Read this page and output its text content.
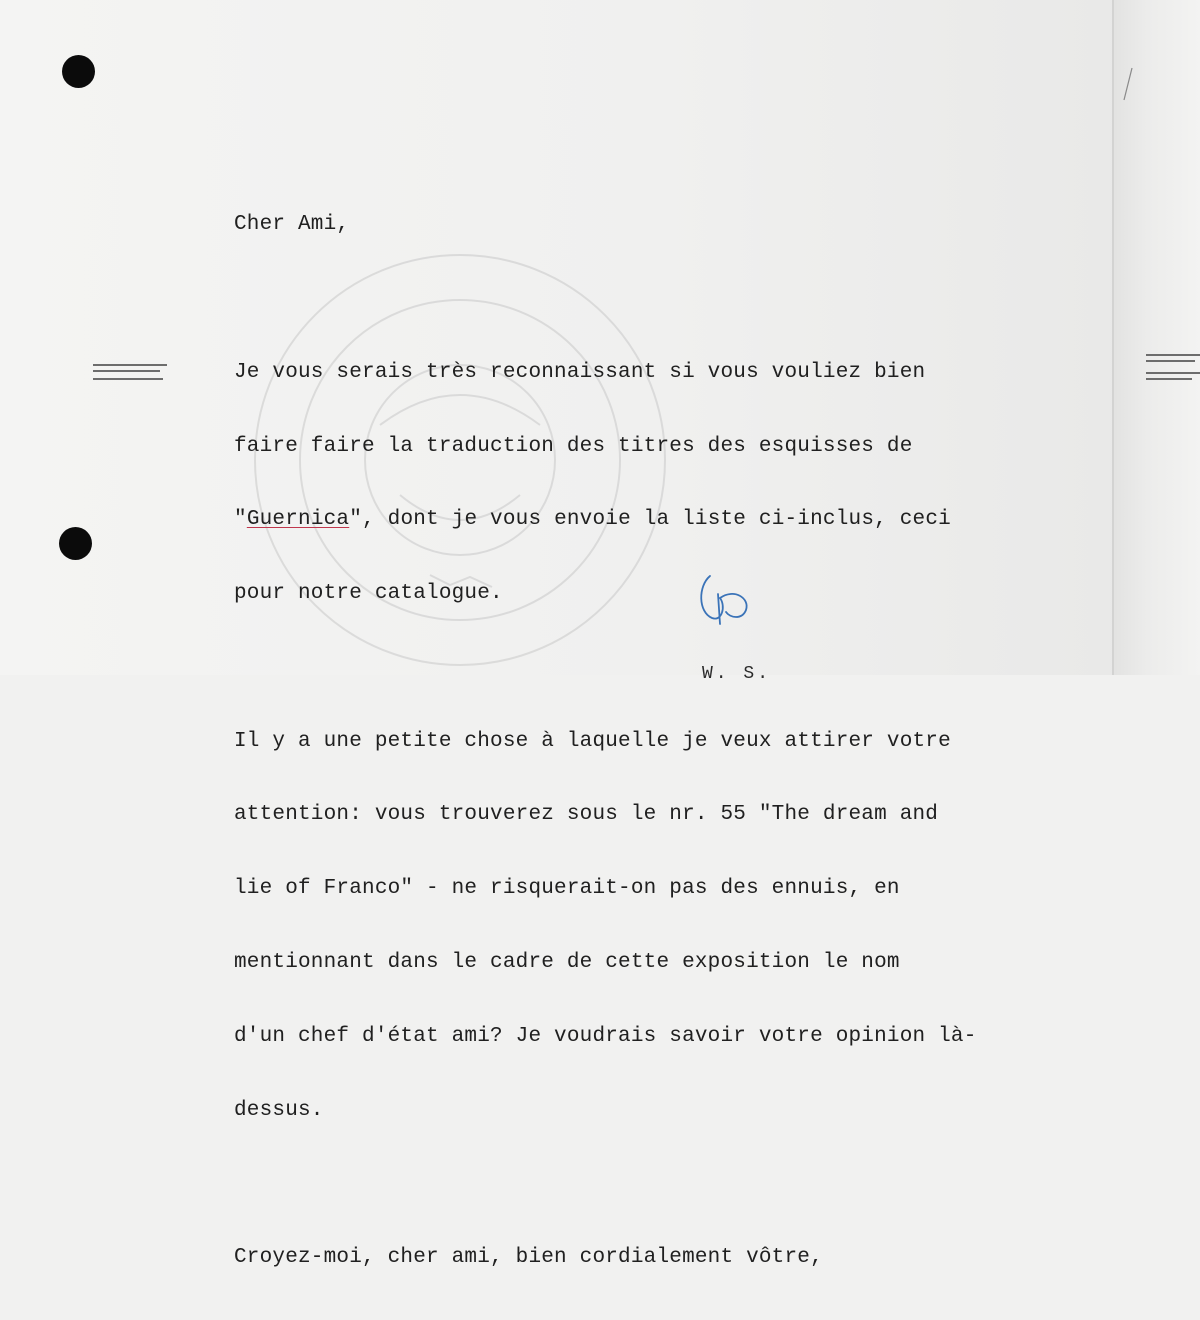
Cher Ami,

Je vous serais très reconnaissant si vous vouliez bien

faire faire la traduction des titres des esquisses de

"Guernica", dont je vous envoie la liste ci-inclus, ceci

pour notre catalogue.

Il y a une petite chose à laquelle je veux attirer votre

attention: vous trouverez sous le nr. 55 "The dream and

lie of Franco" - ne risquerait-on pas des ennuis, en

mentionnant dans le cadre de cette exposition le nom

d'un chef d'état ami? Je voudrais savoir votre opinion là-

dessus.

Croyez-moi, cher ami, bien cordialement vôtre,

W. S.
